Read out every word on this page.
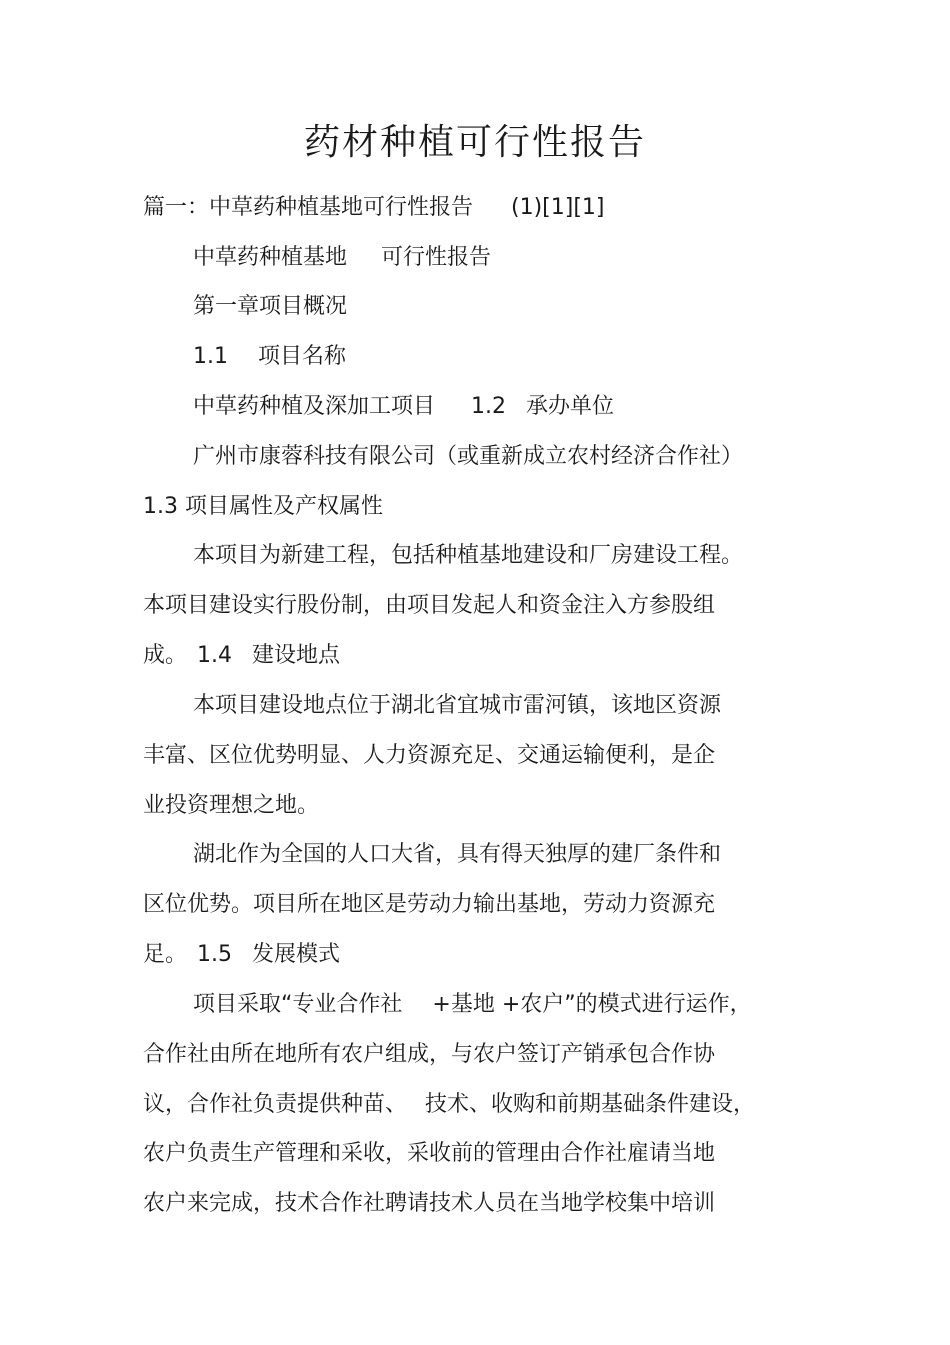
药材种植可行性报告

篇一：中草药种植基地可行性报告 (1)[1][1]

中草药种植基地 可行性报告

第一章项目概况

1.1 项目名称

中草药种植及深加工项目 1.2 承办单位

广州市康蓉科技有限公司（或重新成立农村经济合作社）

1.3 项目属性及产权属性

本项目为新建工程，包括种植基地建设和厂房建设工程。

本项目建设实行股份制，由项目发起人和资金注入方参股组

成。 1.4 建设地点

本项目建设地点位于湖北省宜城市雷河镇，该地区资源

丰富、区位优势明显、人力资源充足、交通运输便利，是企

业投资理想之地。

湖北作为全国的人口大省，具有得天独厚的建厂条件和

区位优势。项目所在地区是劳动力输出基地，劳动力资源充

足。 1.5 发展模式

项目采取“专业合作社 +基地 +农户”的模式进行运作，

合作社由所在地所有农户组成，与农户签订产销承包合作协

议，合作社负责提供种苗、 技术、收购和前期基础条件建设，

农户负责生产管理和采收，采收前的管理由合作社雇请当地

农户来完成，技术合作社聘请技术人员在当地学校集中培训
